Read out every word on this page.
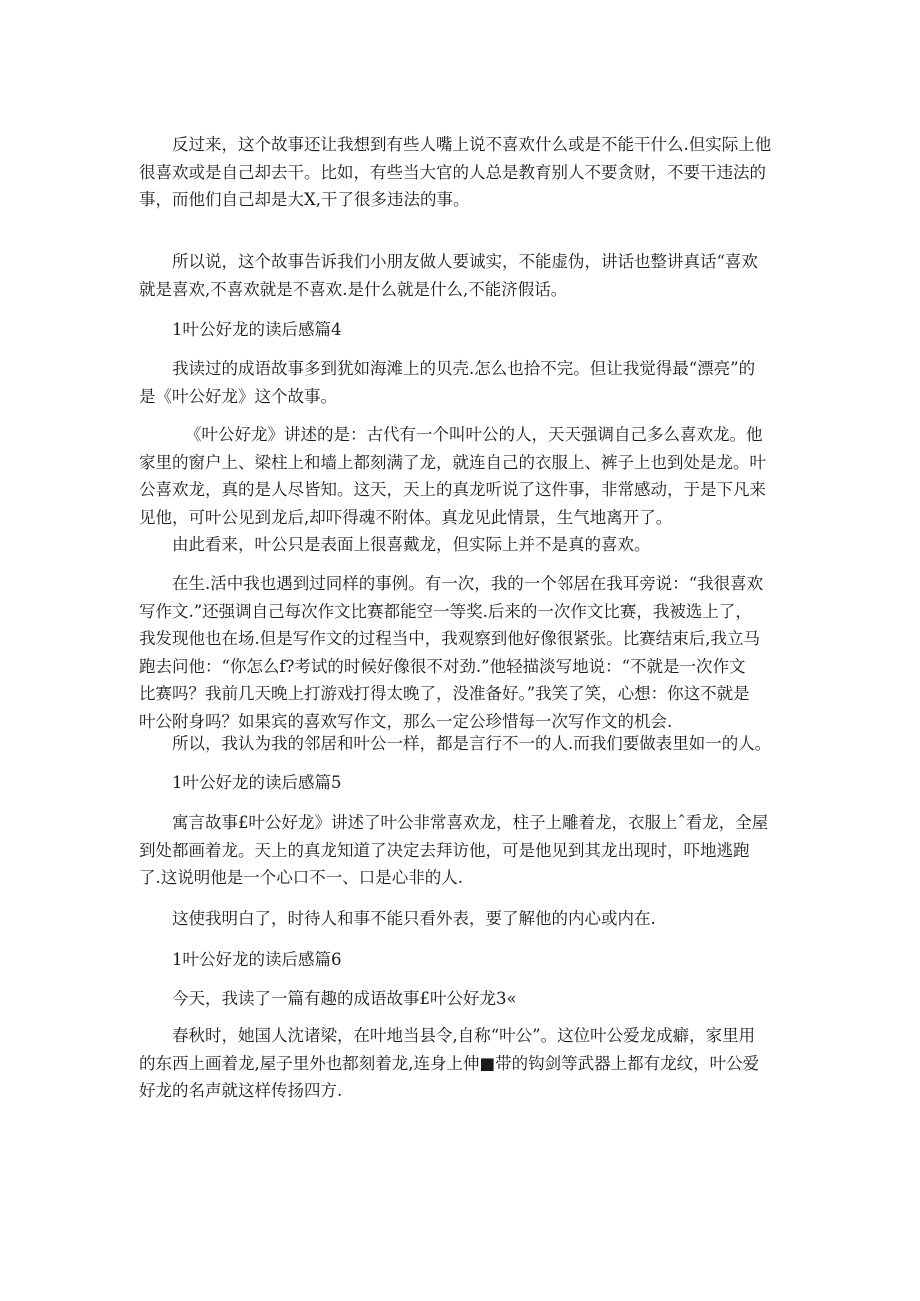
反过来，这个故事还让我想到有些人嘴上说不喜欢什么或是不能干什么.但实际上他
很喜欢或是自己却去干。比如，有些当大官的人总是教育别人不要贪财，不要干违法的
事，而他们自己却是大X,干了很多违法的事。
所以说，这个故事告诉我们小朋友做人要诚实，不能虚伪，讲话也整讲真话“喜欢
就是喜欢,不喜欢就是不喜欢.是什么就是什么,不能济假话。
1叶公好龙的读后感篇4
我读过的成语故事多到犹如海滩上的贝壳.怎么也拾不完。但让我觉得最“漂亮”的
是《叶公好龙》这个故事。
《叶公好龙》讲述的是：古代有一个叫叶公的人，天天强调自己多么喜欢龙。他
家里的窗户上、梁柱上和墙上都刻满了龙，就连自己的衣服上、裤子上也到处是龙。叶
公喜欢龙，真的是人尽皆知。这天，天上的真龙听说了这件事，非常感动，于是下凡来
见他，可叶公见到龙后,却吓得魂不附体。真龙见此情景，生气地离开了。
由此看来，叶公只是表面上很喜戴龙，但实际上并不是真的喜欢。
在生.活中我也遇到过同样的事例。有一次，我的一个邻居在我耳旁说：“我很喜欢
写作文.”还强调自己每次作文比赛都能空一等奖.后来的一次作文比赛，我被选上了，
我发现他也在场.但是写作文的过程当中，我观察到他好像很紧张。比赛结束后,我立马
跑去问他：“你怎么f?考试的时候好像很不对劲.”他轻描淡写地说：“不就是一次作文
比赛吗？我前几天晚上打游戏打得太晚了，没准备好。”我笑了笑，心想：你这不就是
叶公附身吗？如果宾的喜欢写作文，那么一定公珍惜每一次写作文的机会.
所以，我认为我的邻居和叶公一样，都是言行不一的人.而我们要做表里如一的人。
1叶公好龙的读后感篇5
寓言故事£叶公好龙》讲述了叶公非常喜欢龙，柱子上雕着龙，衣服上ˆ看龙，全屋
到处都画着龙。天上的真龙知道了决定去拜访他，可是他见到其龙出现时，吓地逃跑
了.这说明他是一个心口不一、口是心非的人.
这使我明白了，时待人和事不能只看外表，要了解他的内心或内在.
1叶公好龙的读后感篇6
今天，我读了一篇有趣的成语故事£叶公好龙3«
春秋时，她国人沈诸梁，在叶地当县令,自称“叶公”。这位叶公爱龙成癖，家里用
的东西上画着龙,屋子里外也都刻着龙,连身上伸■带的钩剑等武器上都有龙纹，叶公爱
好龙的名声就这样传扬四方.
